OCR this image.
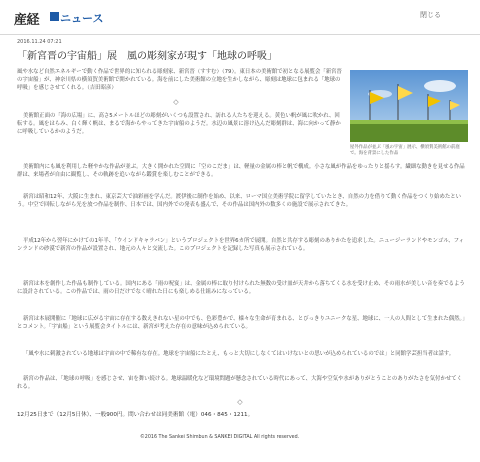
産経 ニュース	閉じる
2016.11.24 07:21
「新宮晋の宇宙船」展　風の彫刻家が現す「地球の呼吸」
風や水など自然エネルギーで動く作品で世界的に知られる彫刻家、新宮晋（すすむ）（79）。東日本の美術館で初となる展覧会「新宮晋の宇宙船」が、神奈川県の横須賀美術館で開かれている。海を前にした美術館の立地を生かしながら、彫刻は地球に包まれる「地球の呼吸」を感じさせてくれる。（吉田昭彦）
屋外作品が並ぶ「風の宇宙」展示、横須賀美術館の前庭で。海を背景にした作品
◇
美術館正面の「海の広場」に、高さ5メートルほどの彫刻がいくつも設置され、訪れる人たちを迎える。黄色い帆が風に吹かれ、回転する。風をはらみ、白く輝く帆は、まるで海からやってきた宇宙船のようだ。水辺の風景に溶け込んだ彫刻群は、海に向かって静かに呼吸しているかのようだ。
美術館内にも風を利用した軽やかな作品が並ぶ。大きく開かれた空間に「空のこだま」は、軽量の金属の棒と帆で構成。小さな風が作品をゆったりと揺らす。繊細な動きを見せる作品群は、来場者が自由に観覧し、その軌跡を追いながら鑑賞を楽しむことができる。
新宮は昭和12年、大阪に生まれ、東京芸大で油彩画を学んだ。渡伊後に制作を始め、以来、ローマ国立美術学院に留学していたとき、自然の力を借りて動く作品をつくり始めたという。中空で回転しながら光を放つ作品を制作、日本では、国内外での発表も盛んで、その作品は国内外の数多くの施設で展示されてきた。
平成12年から翌年にかけての1年半、「ウインドキャラバン」というプロジェクトを世界6カ所で展開。自然と共存する彫刻のありかたを追求した。ニュージーランドやモンゴル、フィンランドの砂漠で新宮の作品が設置され、地元の人々と交流した。このプロジェクトを記録した写真も展示されている。
新宮は本を創作した作品も制作している。国内にある「雨の呪宴」は、金属の棒に取り付けられた無数の受け皿が天井から落ちてくる水を受け止め、その雨水が美しい音を奏でるように設計されている。この作品では、雨の日だけでなく晴れた日にも楽しめる仕組みになっている。
新宮は本展開催に「地球に広がる宇宙に存在する数えきれない星の中でも、色彩豊かで、様々な生命が育まれる、とびっきりユニークな星、地球に、一人の人間として生まれた偶然。」とコメント。「宇宙船」という展覧会タイトルには、新宮が考えた存在の意味が込められている。
「風や水に刺激されている地球は宇宙の中で稀有な存在。地球を宇宙船にたとえ、もっと大切にしなくてはいけないとの思いが込められているのでは」と同館学芸担当者は話す。
新宮の作品は、「地球の呼吸」を感じさせ、宙を舞い続ける。地球温暖化など環境問題が懸念されている時代にあって、大海や空気や水がありがとうことのありがたさを気付かせてくれる。
◇
12月25日まで（12月5日休）、一般900円。問い合わせは同美術館（電）046・845・1211。
©2016 The Sankei Shimbun & SANKEI DIGITAL All rights reserved.
